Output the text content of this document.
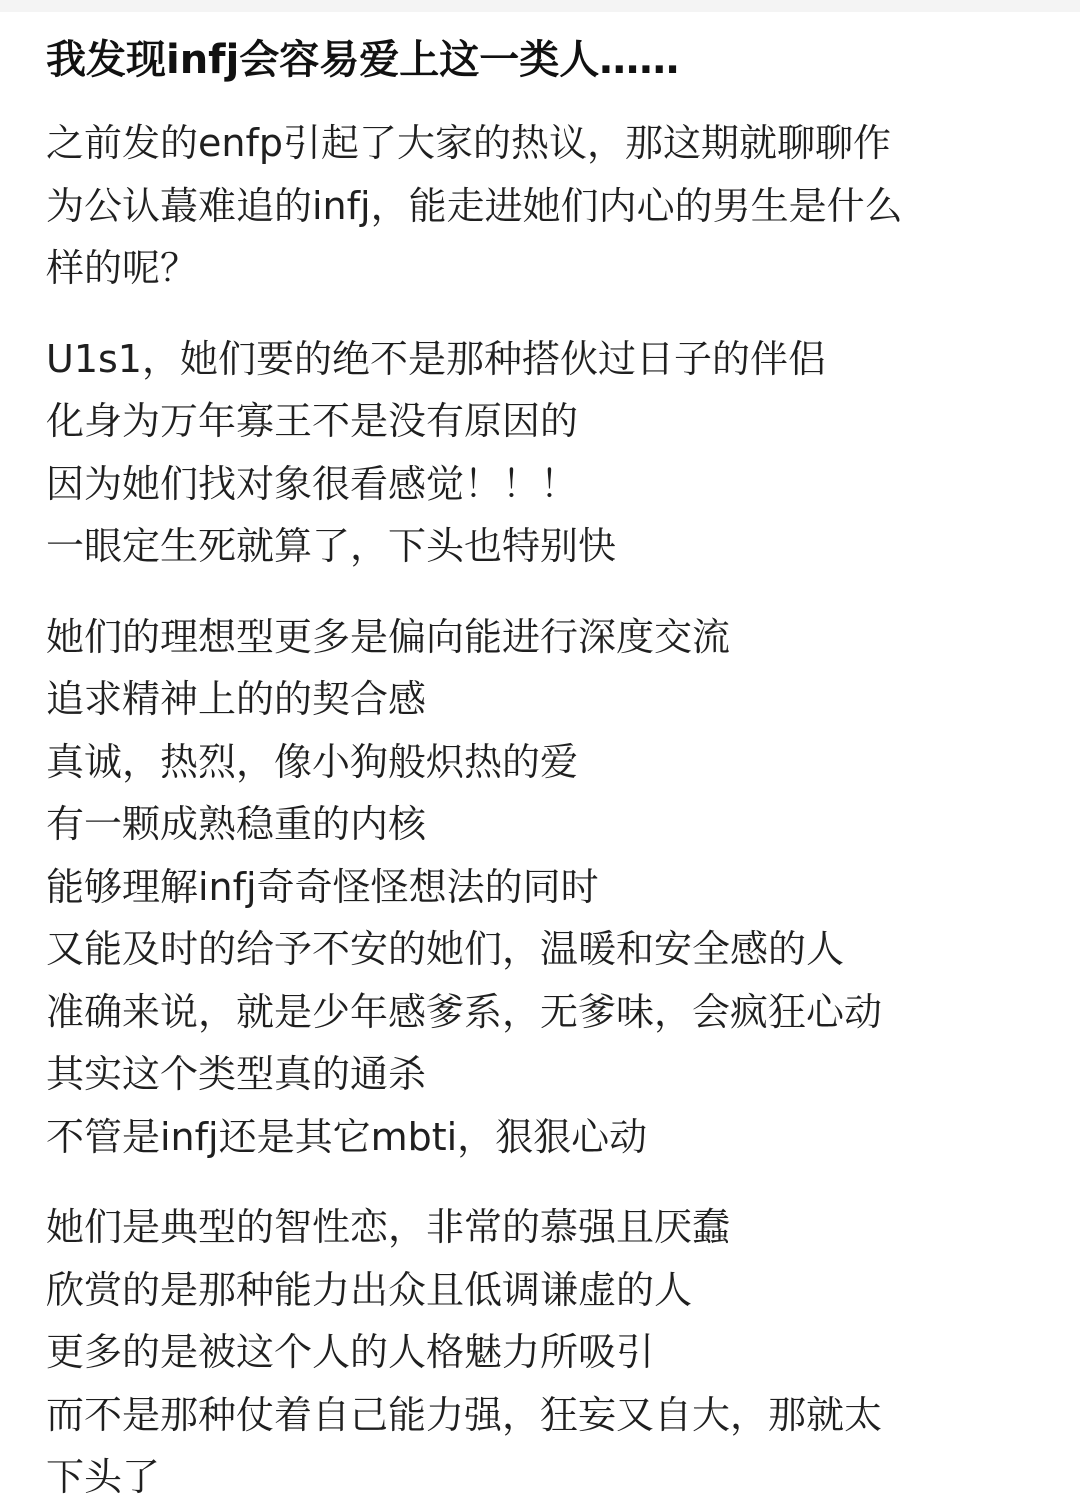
我发现infj会容易爱上这一类人……
之前发的enfp引起了大家的热议，那这期就聊聊作
为公认蕞难追的infj，能走进她们内心的男生是什么
样的呢？
U1s1，她们要的绝不是那种搭伙过日子的伴侣
化身为万年寡王不是没有原因的
因为她们找对象很看感觉！！！
一眼定生死就算了，下头也特别快
她们的理想型更多是偏向能进行深度交流
追求精神上的的契合感
真诚，热烈，像小狗般炽热的爱
有一颗成熟稳重的内核
能够理解infj奇奇怪怪想法的同时
又能及时的给予不安的她们，温暖和安全感的人
准确来说，就是少年感爹系，无爹味，会疯狂心动
其实这个类型真的通杀
不管是infj还是其它mbti，狠狠心动
她们是典型的智性恋，非常的慕强且厌蠢
欣赏的是那种能力出众且低调谦虚的人
更多的是被这个人的人格魅力所吸引
而不是那种仗着自己能力强，狂妄又自大，那就太
下头了
